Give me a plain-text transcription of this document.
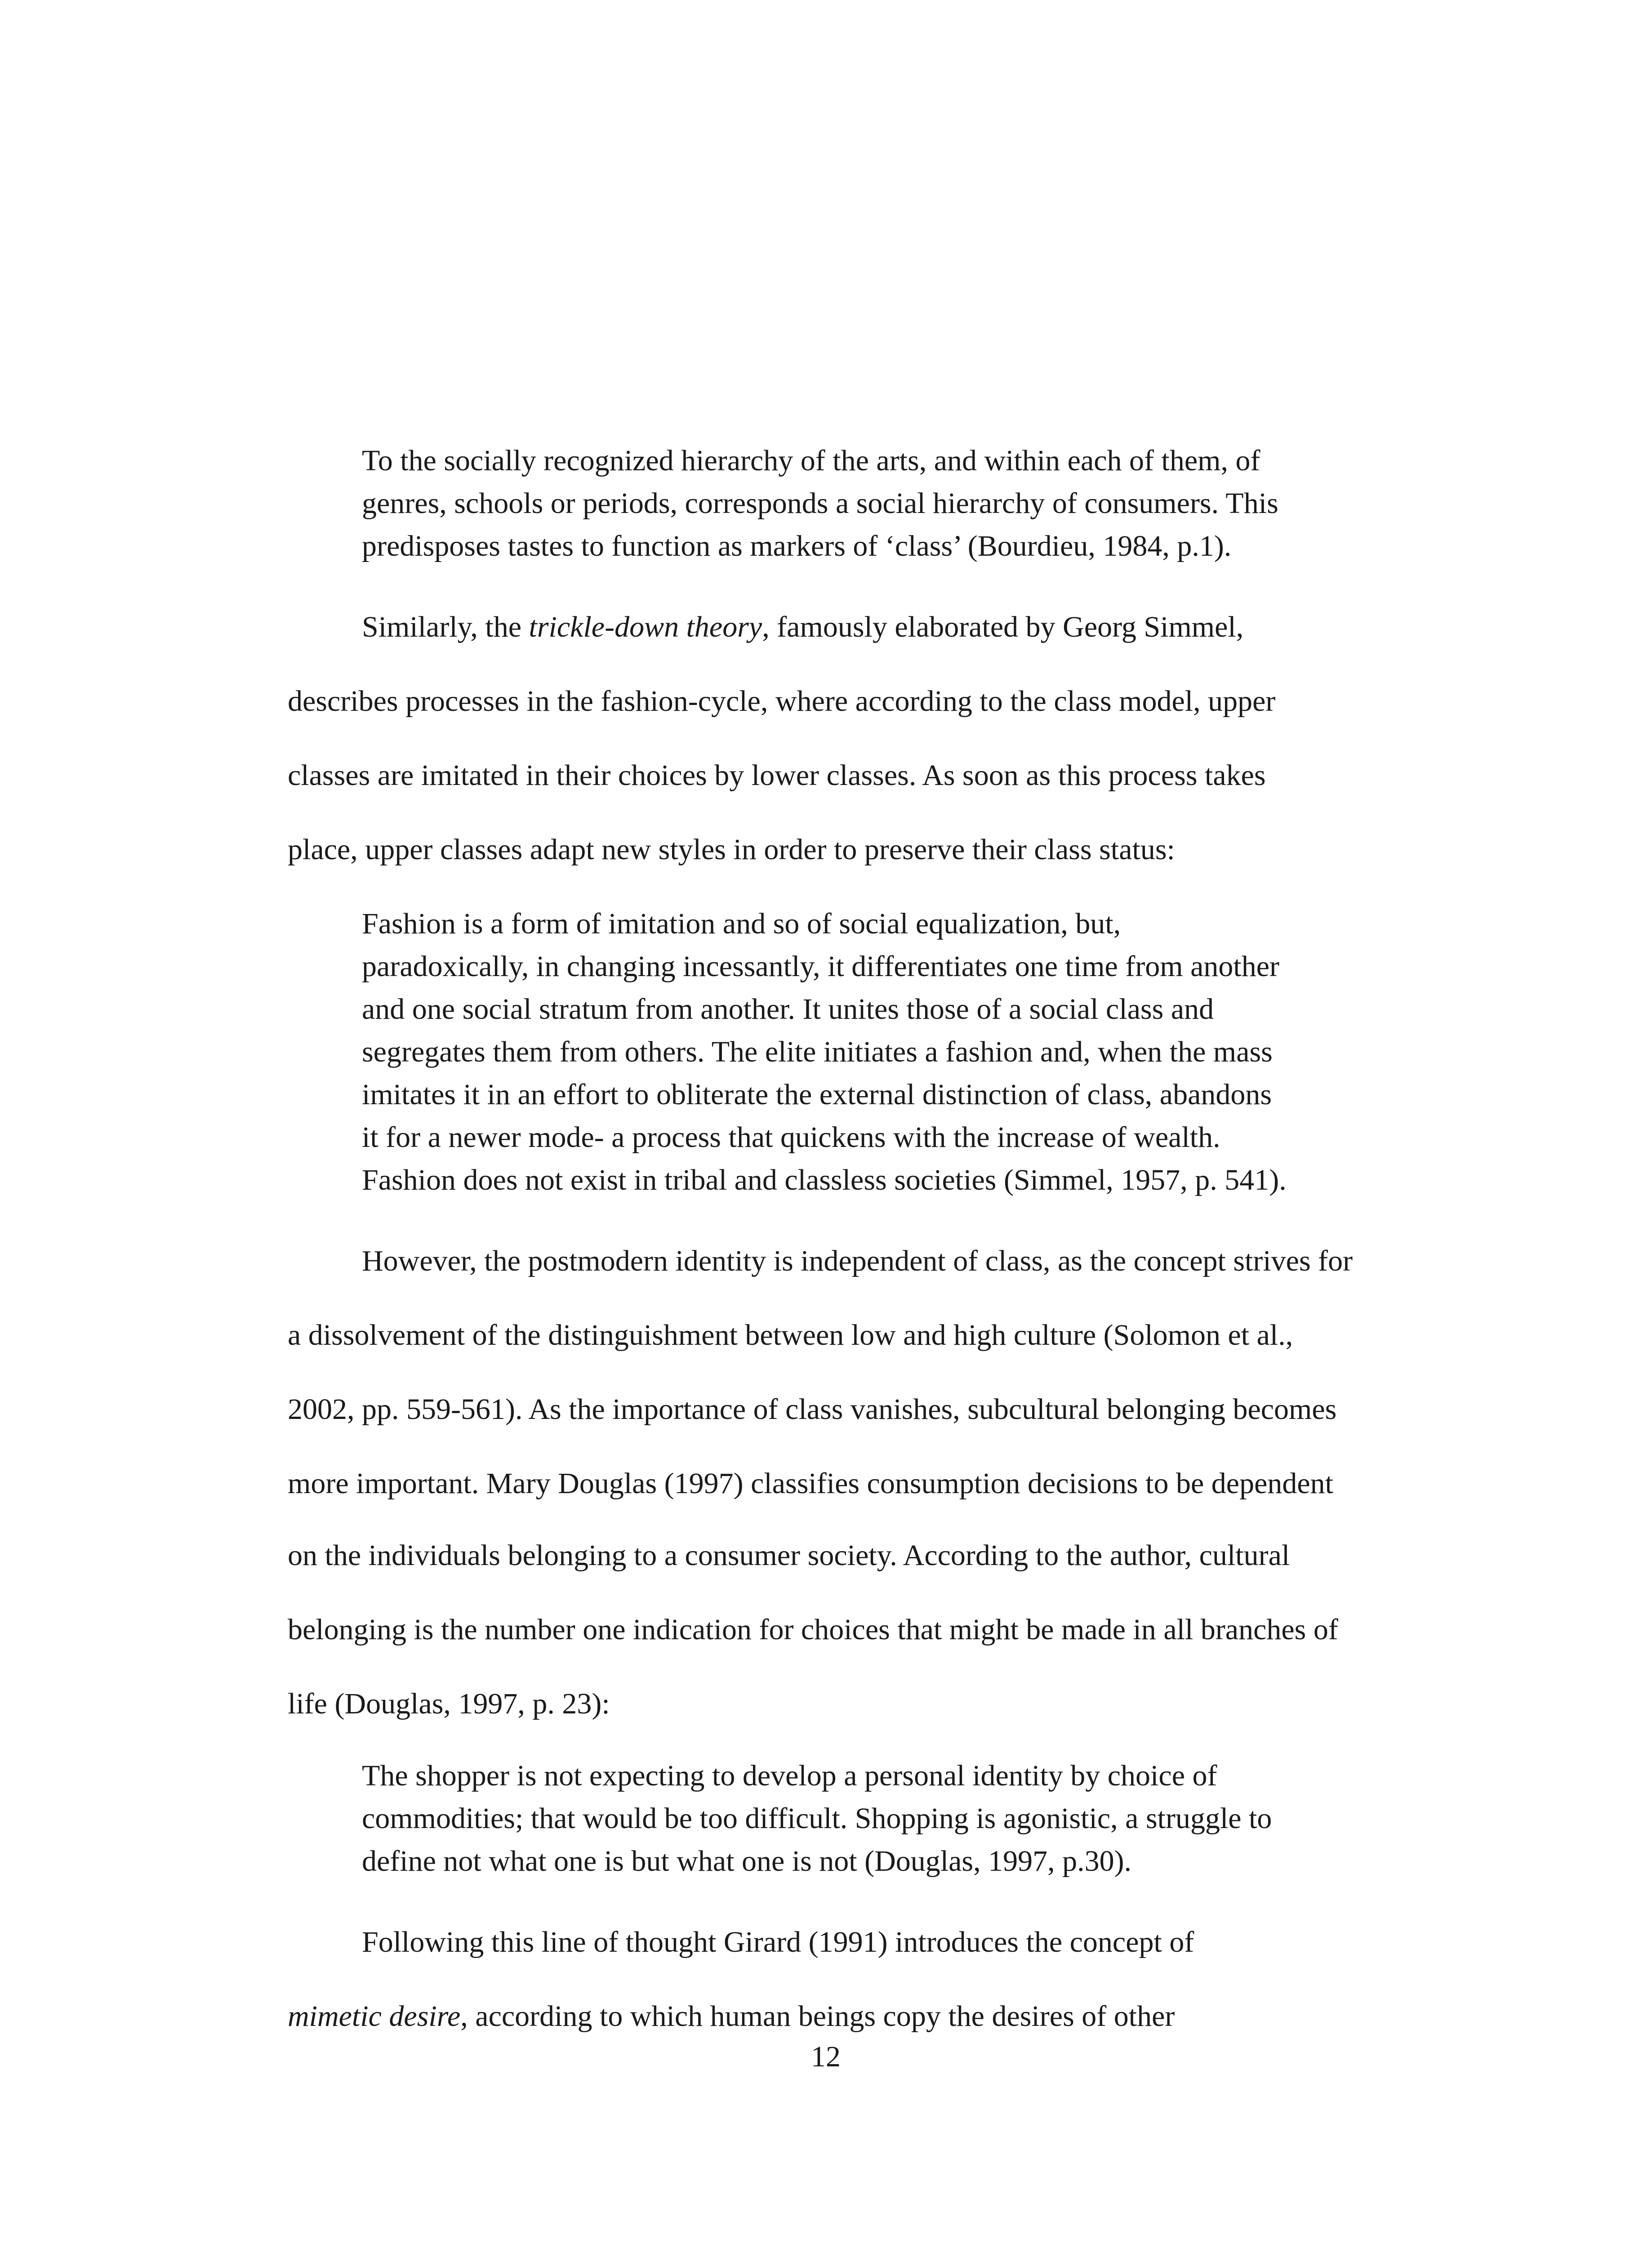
To the socially recognized hierarchy of the arts, and within each of them, of

genres, schools or periods, corresponds a social hierarchy of consumers. This

predisposes tastes to function as markers of ‘class’ (Bourdieu, 1984, p.1).

Similarly, the trickle-down theory, famously elaborated by Georg Simmel,

describes processes in the fashion-cycle, where according to the class model, upper

classes are imitated in their choices by lower classes. As soon as this process takes

place, upper classes adapt new styles in order to preserve their class status:

Fashion is a form of imitation and so of social equalization, but,

paradoxically, in changing incessantly, it differentiates one time from another

and one social stratum from another. It unites those of a social class and

segregates them from others. The elite initiates a fashion and, when the mass

imitates it in an effort to obliterate the external distinction of class, abandons

it for a newer mode- a process that quickens with the increase of wealth.

Fashion does not exist in tribal and classless societies (Simmel, 1957, p. 541).

However, the postmodern identity is independent of class, as the concept strives for

a dissolvement of the distinguishment between low and high culture (Solomon et al.,

2002, pp. 559-561). As the importance of class vanishes, subcultural belonging becomes

more important. Mary Douglas (1997) classifies consumption decisions to be dependent

on the individuals belonging to a consumer society. According to the author, cultural

belonging is the number one indication for choices that might be made in all branches of

life (Douglas, 1997, p. 23):

The shopper is not expecting to develop a personal identity by choice of

commodities; that would be too difficult. Shopping is agonistic, a struggle to

define not what one is but what one is not (Douglas, 1997, p.30).

Following this line of thought Girard (1991) introduces the concept of

mimetic desire, according to which human beings copy the desires of other

12
